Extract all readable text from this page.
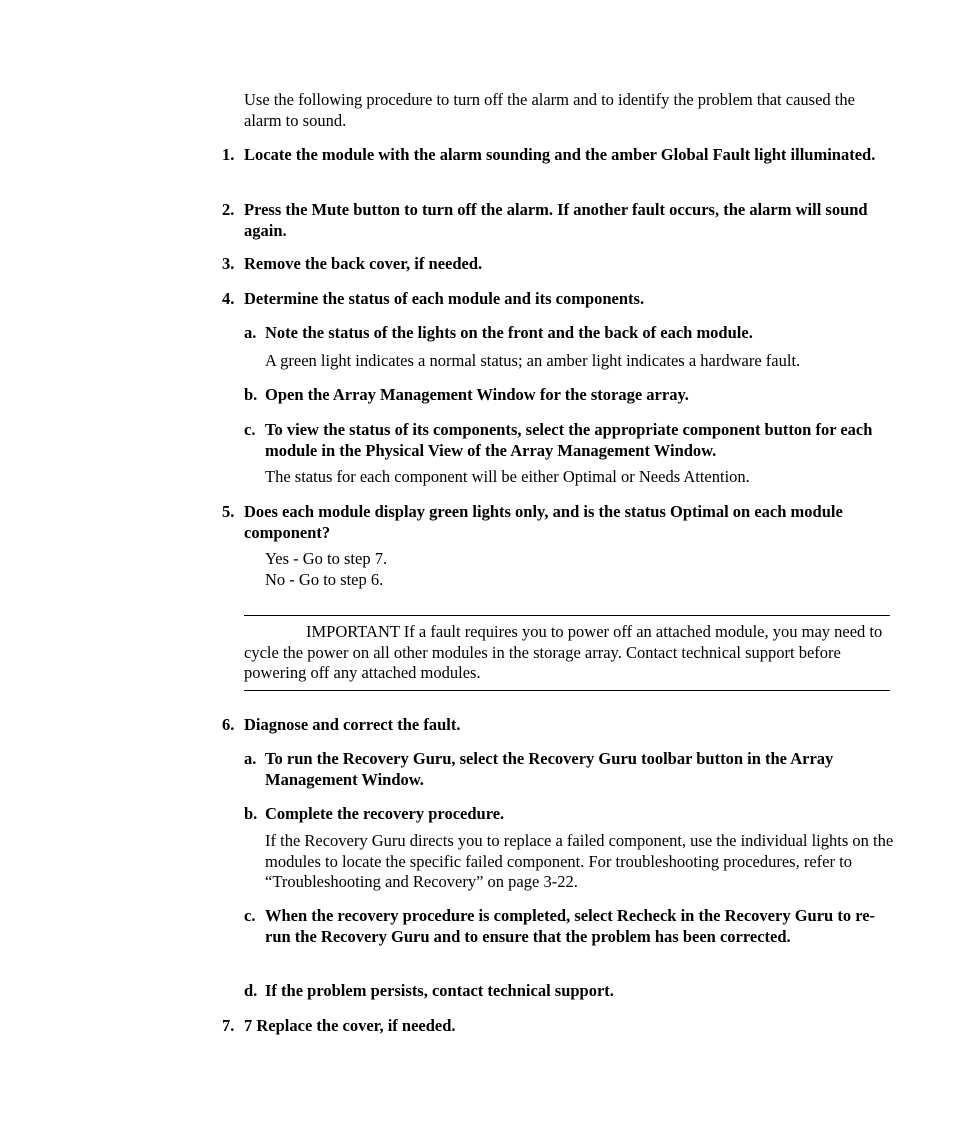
Use the following procedure to turn off the alarm and to identify the problem that caused the alarm to sound.

1. Locate the module with the alarm sounding and the amber Global Fault light illuminated.
2. Press the Mute button to turn off the alarm. If another fault occurs, the alarm will sound again.
3. Remove the back cover, if needed.
4. Determine the status of each module and its components.
a. Note the status of the lights on the front and the back of each module.

A green light indicates a normal status; an amber light indicates a hardware fault.

b. Open the Array Management Window for the storage array.
c. To view the status of its components, select the appropriate component button for each module in the Physical View of the Array Management Window.

The status for each component will be either Optimal or Needs Attention.

5. Does each module display green lights only, and is the status Optimal on each module component?

Yes - Go to step 7.

No - Go to step 6.

IMPORTANT If a fault requires you to power off an attached module, you may need to cycle the power on all other modules in the storage array. Contact technical support before powering off any attached modules.

6. Diagnose and correct the fault.
a. To run the Recovery Guru, select the Recovery Guru toolbar button in the Array Management Window.
b. Complete the recovery procedure.

If the Recovery Guru directs you to replace a failed component, use the individual lights on the modules to locate the specific failed component. For troubleshooting procedures, refer to “Troubleshooting and Recovery” on page 3-22.

c. When the recovery procedure is completed, select Recheck in the Recovery Guru to re-run the Recovery Guru and to ensure that the problem has been corrected.
d. If the problem persists, contact technical support.
7. 7 Replace the cover, if needed.
